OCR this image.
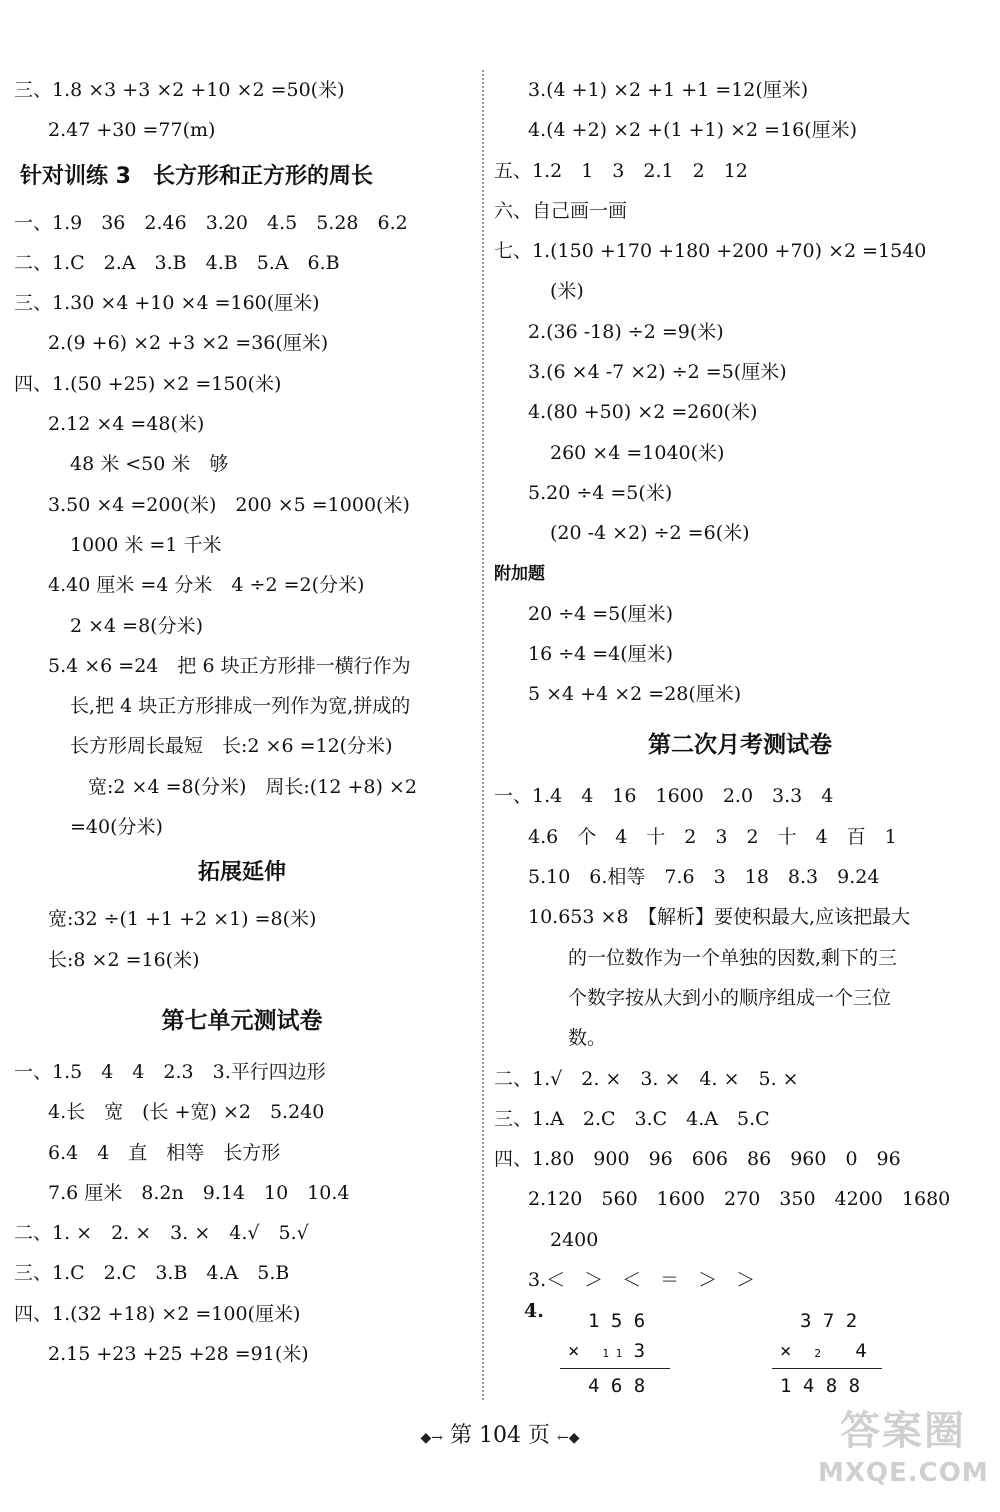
三、1.8 ×3 +3 ×2 +10 ×2 =50(米)
2.47 +30 =77(m)
针对训练 3　长方形和正方形的周长
一、1.9　36　2.46　3.20　4.5　5.28　6.2
二、1.C　2.A　3.B　4.B　5.A　6.B
三、1.30 ×4 +10 ×4 =160(厘米)
2.(9 +6) ×2 +3 ×2 =36(厘米)
四、1.(50 +25) ×2 =150(米)
2.12 ×4 =48(米)
48 米 <50 米　够
3.50 ×4 =200(米)　200 ×5 =1000(米)
1000 米 =1 千米
4.40 厘米 =4 分米　4 ÷2 =2(分米)
2 ×4 =8(分米)
5.4 ×6 =24　把 6 块正方形排一横行作为
长,把 4 块正方形排成一列作为宽,拼成的
长方形周长最短　长:2 ×6 =12(分米)
宽:2 ×4 =8(分米)　周长:(12 +8) ×2
=40(分米)
拓展延伸
宽:32 ÷(1 +1 +2 ×1) =8(米)
长:8 ×2 =16(米)
第七单元测试卷
一、1.5　4　4　2.3　3.平行四边形
4.长　宽　(长 +宽) ×2　5.240
6.4　4　直　相等　长方形
7.6 厘米　8.2n　9.14　10　10.4
二、1. ×　2. ×　3. ×　4.√　5.√
三、1.C　2.C　3.B　4.A　5.B
四、1.(32 +18) ×2 =100(厘米)
2.15 +23 +25 +28 =91(米)
3.(4 +1) ×2 +1 +1 =12(厘米)
4.(4 +2) ×2 +(1 +1) ×2 =16(厘米)
五、1.2　1　3　2.1　2　12
六、自己画一画
七、1.(150 +170 +180 +200 +70) ×2 =1540
(米)
2.(36 -18) ÷2 =9(米)
3.(6 ×4 -7 ×2) ÷2 =5(厘米)
4.(80 +50) ×2 =260(米)
260 ×4 =1040(米)
5.20 ÷4 =5(米)
(20 -4 ×2) ÷2 =6(米)
附加题
20 ÷4 =5(厘米)
16 ÷4 =4(厘米)
5 ×4 +4 ×2 =28(厘米)
第二次月考测试卷
一、1.4　4　16　1600　2.0　3.3　4
4.6　个　4　十　2　3　2　十　4　百　1
5.10　6.相等　7.6　3　18　8.3　9.24
10.653 ×8　【解析】要使积最大,应该把最大
的一位数作为一个单独的因数,剩下的三
个数字按从大到小的顺序组成一个三位
数。
二、1.√　2. ×　3. ×　4. ×　5. ×
三、1.A　2.C　3.C　4.A　5.C
四、1.80　900　96　606　86　960　0　96
2.120　560　1600　270　350　4200　1680
2400
3.＜　＞　＜　＝　＞　＞
4.	1 5 6
× 1 1 3
4 6 8
3 7 2
× 2 4
1 4 8 8
◆→ 第 104 页 ←◆	答案圈
MXQE.COM
